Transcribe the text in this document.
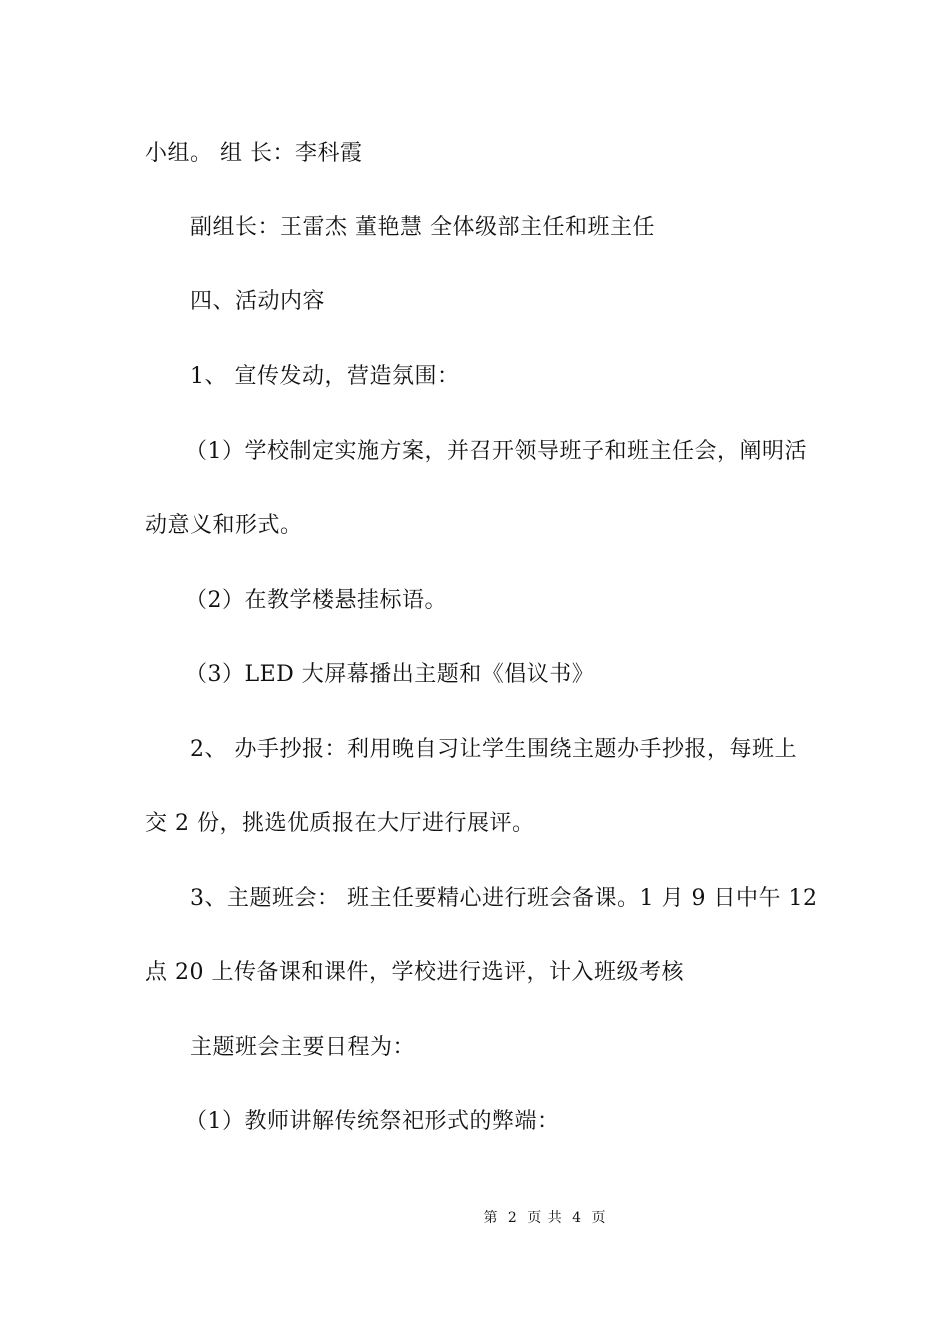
小组。 组 长：李科霞
副组长：王雷杰 董艳慧 全体级部主任和班主任
四、活动内容
1、 宣传发动，营造氛围：
（1）学校制定实施方案，并召开领导班子和班主任会，阐明活
动意义和形式。
（2）在教学楼悬挂标语。
（3）LED 大屏幕播出主题和《倡议书》
2、 办手抄报：利用晚自习让学生围绕主题办手抄报，每班上
交 2 份，挑选优质报在大厅进行展评。
3、主题班会： 班主任要精心进行班会备课。1 月 9 日中午 12
点 20 上传备课和课件，学校进行选评，计入班级考核
主题班会主要日程为：
（1）教师讲解传统祭祀形式的弊端：
第 2 页 共 4 页
